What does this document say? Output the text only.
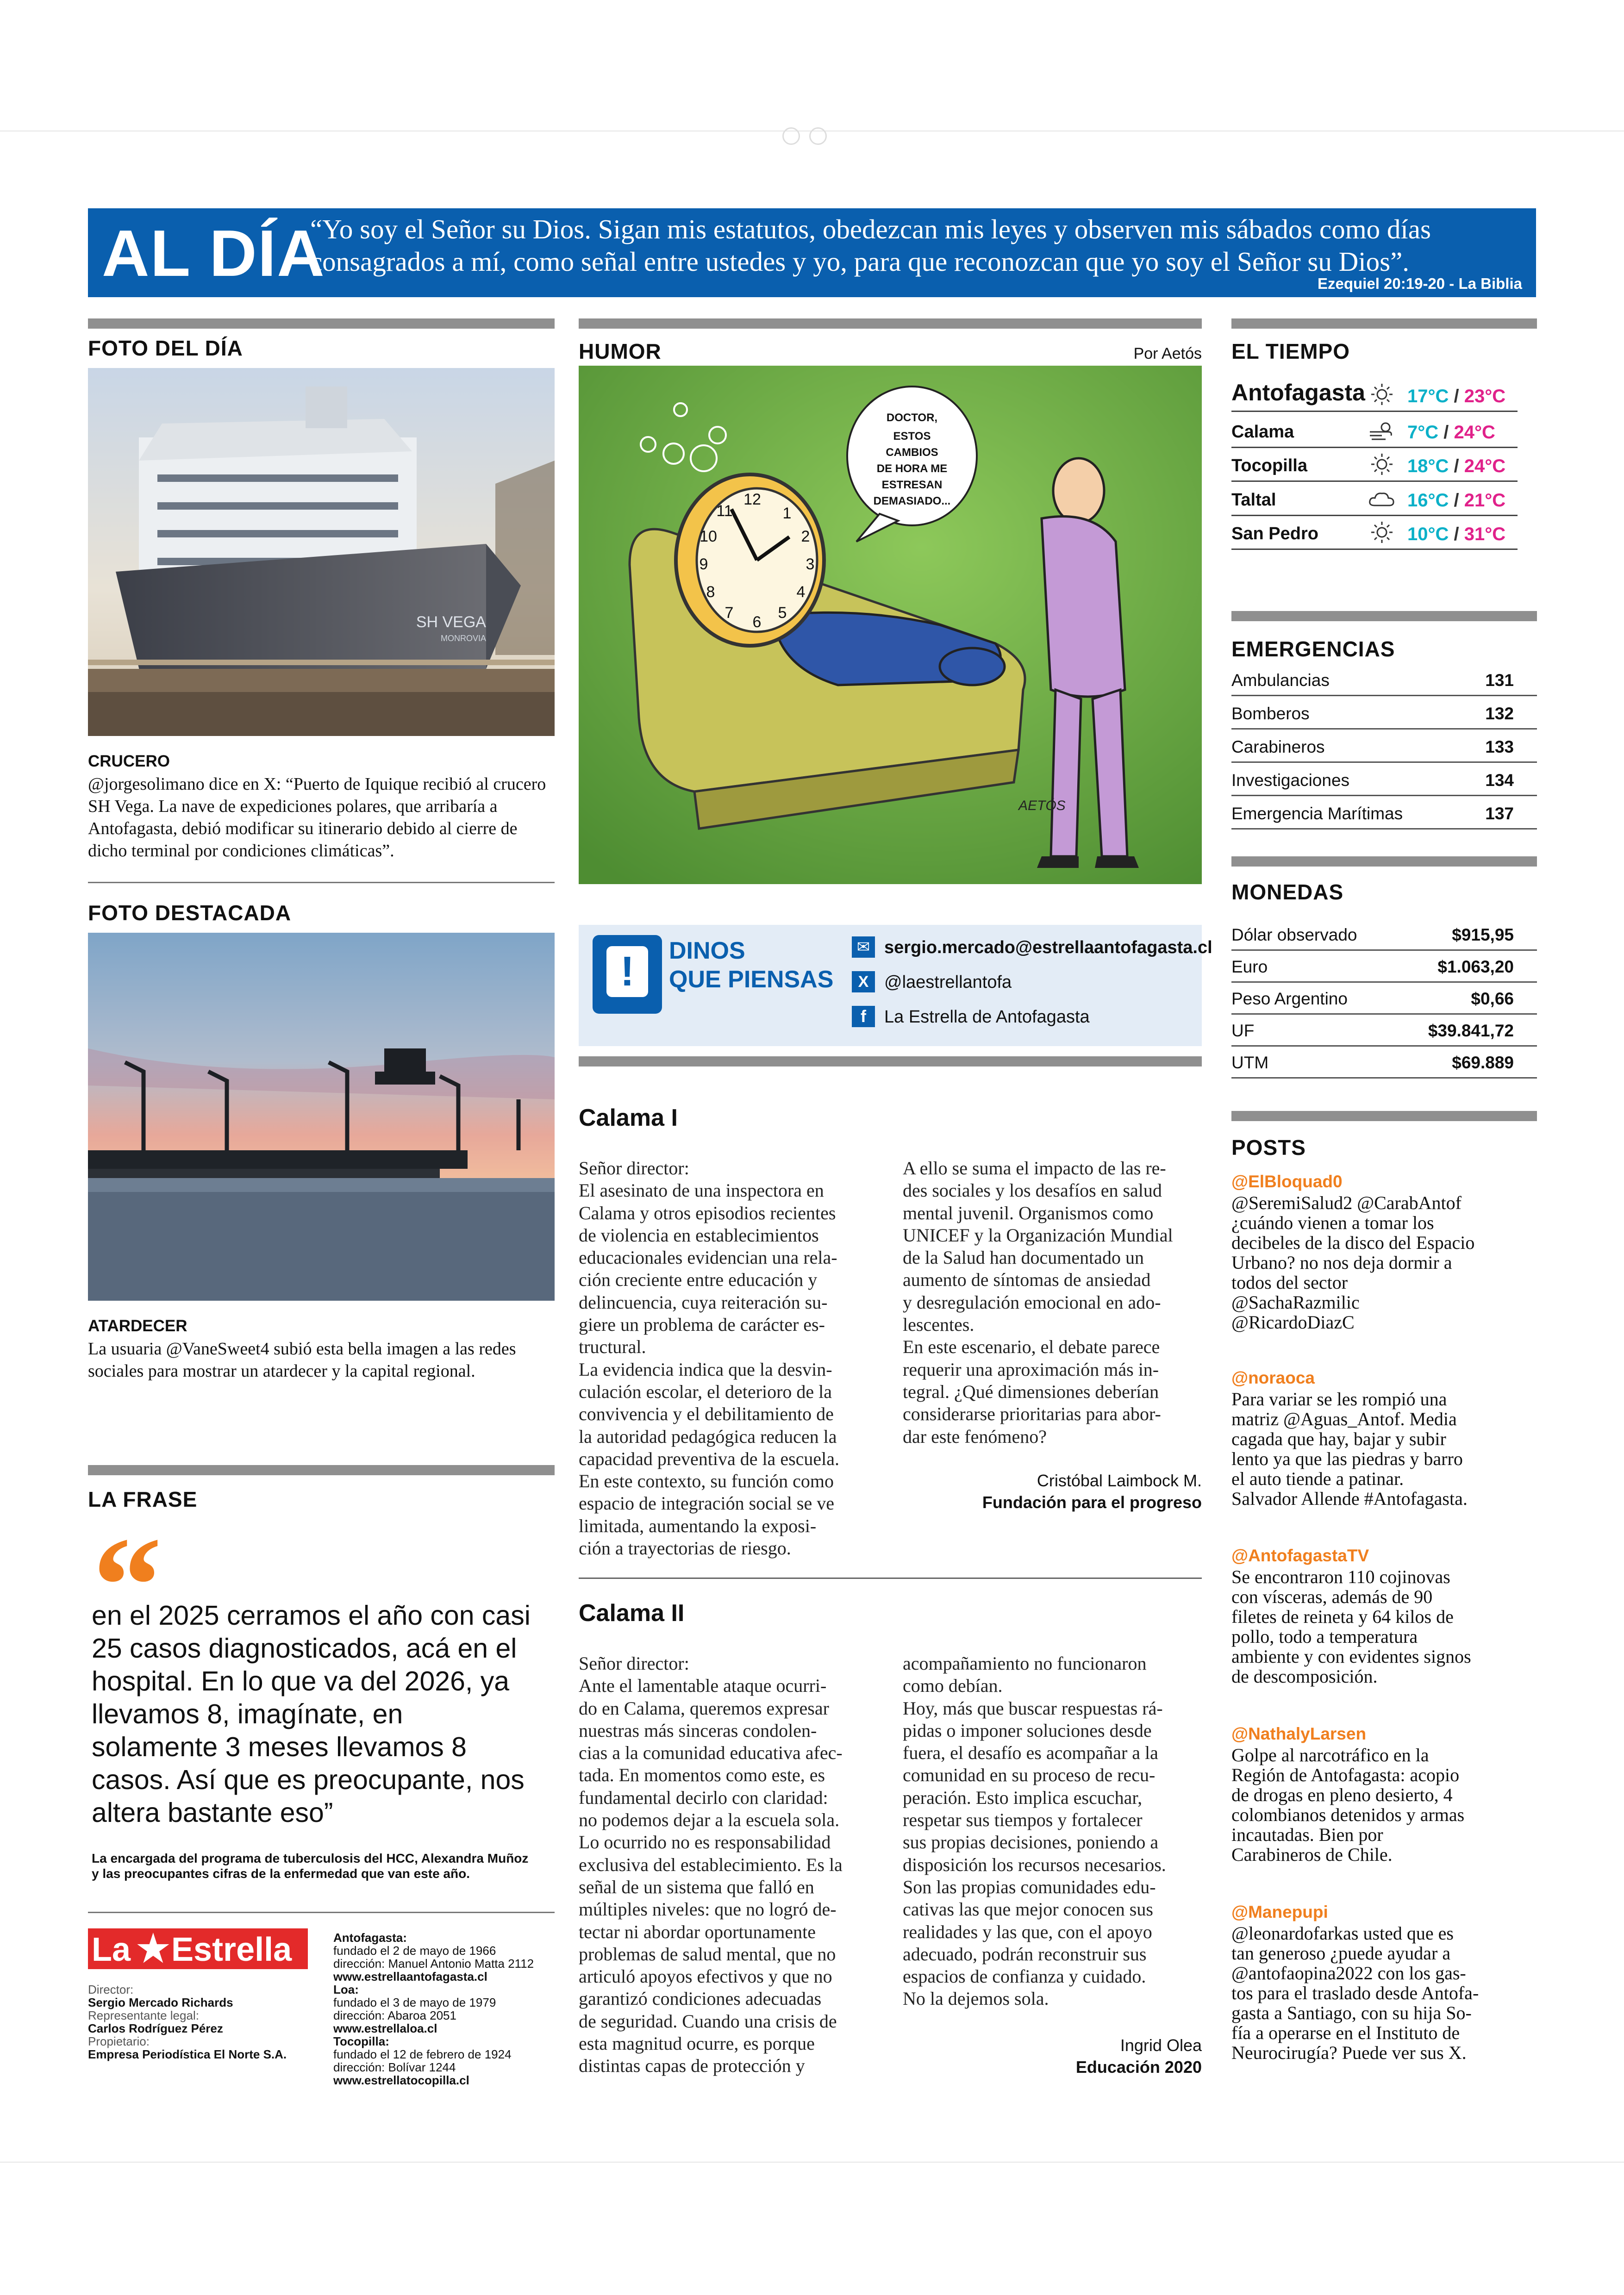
AL DÍA
“Yo soy el Señor su Dios. Sigan mis estatutos, obedezcan mis leyes y observen mis sábados como días consagrados a mí, como señal entre ustedes y yo, para que reconozcan que yo soy el Señor su Dios”.
Ezequiel 20:19-20 - La Biblia
FOTO DEL DÍA
SH VEGA
MONROVIA
CRUCERO
@jorgesolimano dice en X: “Puerto de Iquique recibió al crucero SH Vega. La nave de expediciones polares, que arribaría a Antofagasta, debió modificar su itinerario debido al cierre de dicho terminal por condiciones climáticas”.
FOTO DESTACADA
ATARDECER
La usuaria @VaneSweet4 subió esta bella imagen a las redes sociales para mostrar un atardecer y la capital regional.
LA FRASE
“
en el 2025 cerramos el año con casi 25 casos diagnosticados, acá en el hospital. En lo que va del 2026, ya llevamos 8, imagínate, en solamente 3 meses llevamos 8 casos. Así que es preocupante, nos altera bastante eso”
La encargada del programa de tuberculosis del HCC, Alexandra Muñoz y las preocupantes cifras de la enfermedad que van este año.
La ★ Estrella
Director:
Sergio Mercado Richards
Representante legal:
Carlos Rodríguez Pérez
Propietario:
Empresa Periodística El Norte S.A.
Antofagasta:
fundado el 2 de mayo de 1966
dirección: Manuel Antonio Matta 2112
www.estrellaantofagasta.cl
Loa:
fundado el 3 de mayo de 1979
dirección: Abaroa 2051
www.estrellaloa.cl
Tocopilla:
fundado el 12 de febrero de 1924
dirección: Bolívar 1244
www.estrellatocopilla.cl
HUMOR	Por Aetós
12
1
2
3
4
5
6
7
8
9
10
11
DOCTOR,
ESTOS
CAMBIOS
DE HORA ME
ESTRESAN
DEMASIADO...
AETÓS
!	DINOS
QUE PIENSAS
✉ sergio.mercado@estrellaantofagasta.cl
X @laestrellantofa
f	La Estrella de Antofagasta
Calama I
Señor director:
El asesinato de una inspectora en
Calama y otros episodios recientes
de violencia en establecimientos
educacionales evidencian una rela-
ción creciente entre educación y
delincuencia, cuya reiteración su-
giere un problema de carácter es-
tructural.
La evidencia indica que la desvin-
culación escolar, el deterioro de la
convivencia y el debilitamiento de
la autoridad pedagógica reducen la
capacidad preventiva de la escuela.
En este contexto, su función como
espacio de integración social se ve
limitada, aumentando la exposi-
ción a trayectorias de riesgo.
A ello se suma el impacto de las re-
des sociales y los desafíos en salud
mental juvenil. Organismos como
UNICEF y la Organización Mundial
de la Salud han documentado un
aumento de síntomas de ansiedad
y desregulación emocional en ado-
lescentes.
En este escenario, el debate parece
requerir una aproximación más in-
tegral. ¿Qué dimensiones deberían
considerarse prioritarias para abor-
dar este fenómeno?
Cristóbal Laimbock M.
Fundación para el progreso
Calama II
Señor director:
Ante el lamentable ataque ocurri-
do en Calama, queremos expresar
nuestras más sinceras condolen-
cias a la comunidad educativa afec-
tada. En momentos como este, es
fundamental decirlo con claridad:
no podemos dejar a la escuela sola.
Lo ocurrido no es responsabilidad
exclusiva del establecimiento. Es la
señal de un sistema que falló en
múltiples niveles: que no logró de-
tectar ni abordar oportunamente
problemas de salud mental, que no
articuló apoyos efectivos y que no
garantizó condiciones adecuadas
de seguridad. Cuando una crisis de
esta magnitud ocurre, es porque
distintas capas de protección y
acompañamiento no funcionaron
como debían.
Hoy, más que buscar respuestas rá-
pidas o imponer soluciones desde
fuera, el desafío es acompañar a la
comunidad en su proceso de recu-
peración. Esto implica escuchar,
respetar sus tiempos y fortalecer
sus propias decisiones, poniendo a
disposición los recursos necesarios.
Son las propias comunidades edu-
cativas las que mejor conocen sus
realidades y las que, con el apoyo
adecuado, podrán reconstruir sus
espacios de confianza y cuidado.
No la dejemos sola.
Ingrid Olea
Educación 2020
EL TIEMPO
Antofagasta 17°C / 23°C
Calama	7°C / 24°C
Tocopilla	18°C / 24°C
Taltal	16°C / 21°C
San Pedro	10°C / 31°C
EMERGENCIAS
Ambulancias	131
Bomberos	132
Carabineros	133
Investigaciones	134
Emergencia Marítimas	137
MONEDAS
Dólar observado	$915,95
Euro	$1.063,20
Peso Argentino	$0,66
UF	$39.841,72
UTM	$69.889
POSTS
@ElBloquad0
@SeremiSalud2 @CarabAntof
¿cuándo vienen a tomar los
decibeles de la disco del Espacio
Urbano? no nos deja dormir a
todos del sector
@SachaRazmilic
@RicardoDiazC
@noraoca
Para variar se les rompió una
matriz @Aguas_Antof. Media
cagada que hay, bajar y subir
lento ya que las piedras y barro
el auto tiende a patinar.
Salvador Allende #Antofagasta.
@AntofagastaTV
Se encontraron 110 cojinovas
con vísceras, además de 90
filetes de reineta y 64 kilos de
pollo, todo a temperatura
ambiente y con evidentes signos
de descomposición.
@NathalyLarsen
Golpe al narcotráfico en la
Región de Antofagasta: acopio
de drogas en pleno desierto, 4
colombianos detenidos y armas
incautadas. Bien por
Carabineros de Chile.
@Manepupi
@leonardofarkas usted que es
tan generoso ¿puede ayudar a
@antofaopina2022 con los gas-
tos para el traslado desde Antofa-
gasta a Santiago, con su hija So-
fía a operarse en el Instituto de
Neurocirugía? Puede ver sus X.
